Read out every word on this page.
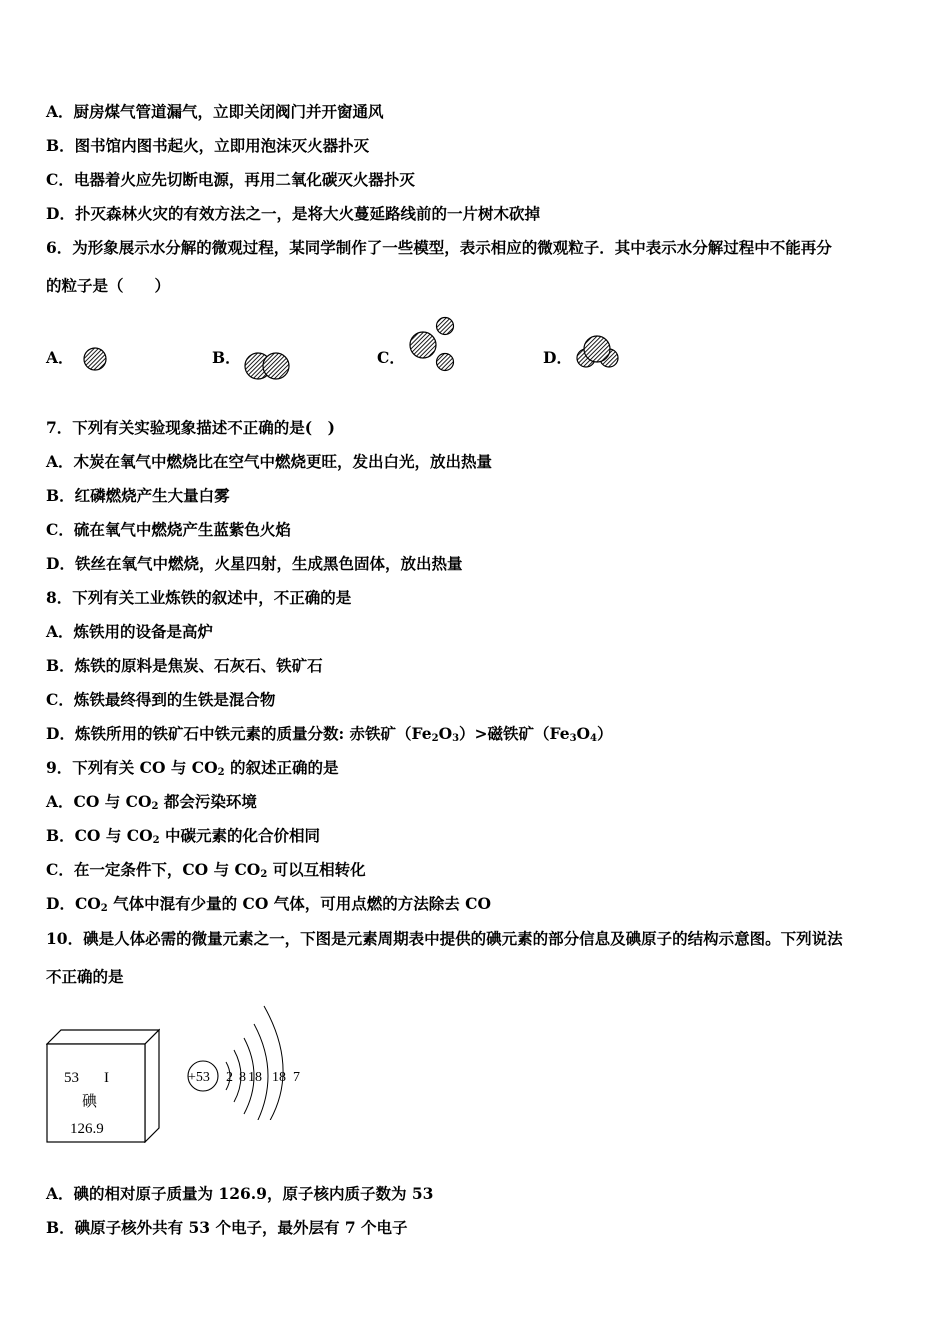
A．厨房煤气管道漏气，立即关闭阀门并开窗通风
B．图书馆内图书起火，立即用泡沫灭火器扑灭
C．电器着火应先切断电源，再用二氧化碳灭火器扑灭
D．扑灭森林火灾的有效方法之一，是将大火蔓延路线前的一片树木砍掉
6．为形象展示水分解的微观过程，某同学制作了一些模型，表示相应的微观粒子．其中表示水分解过程中不能再分
的粒子是（　　）
A．	B．	C．	D．
7．下列有关实验现象描述不正确的是(　)
A．木炭在氧气中燃烧比在空气中燃烧更旺，发出白光，放出热量
B．红磷燃烧产生大量白雾
C．硫在氧气中燃烧产生蓝紫色火焰
D．铁丝在氧气中燃烧，火星四射，生成黑色固体，放出热量
8．下列有关工业炼铁的叙述中，不正确的是
A．炼铁用的设备是高炉
B．炼铁的原料是焦炭、石灰石、铁矿石
C．炼铁最终得到的生铁是混合物
D．炼铁所用的铁矿石中铁元素的质量分数: 赤铁矿$(Fe_2O_3)>$磁铁矿$(Fe_3O_4)$
9．下列有关 CO 与 $CO_2$ 的叙述正确的是
A．CO 与 $CO_2$ 都会污染环境
B．CO 与 $CO_2$ 中碳元素的化合价相同
C．在一定条件下，CO 与 $CO_2$ 可以互相转化
D．$CO_2$ 气体中混有少量的 CO 气体，可用点燃的方法除去 CO
10．碘是人体必需的微量元素之一，下图是元素周期表中提供的碘元素的部分信息及碘原子的结构示意图。下列说法
不正确的是
53 I
碘
126.9
+53 2 8 18 18 7
A．碘的相对原子质量为 126.9，原子核内质子数为 53
B．碘原子核外共有 53 个电子，最外层有 7 个电子
